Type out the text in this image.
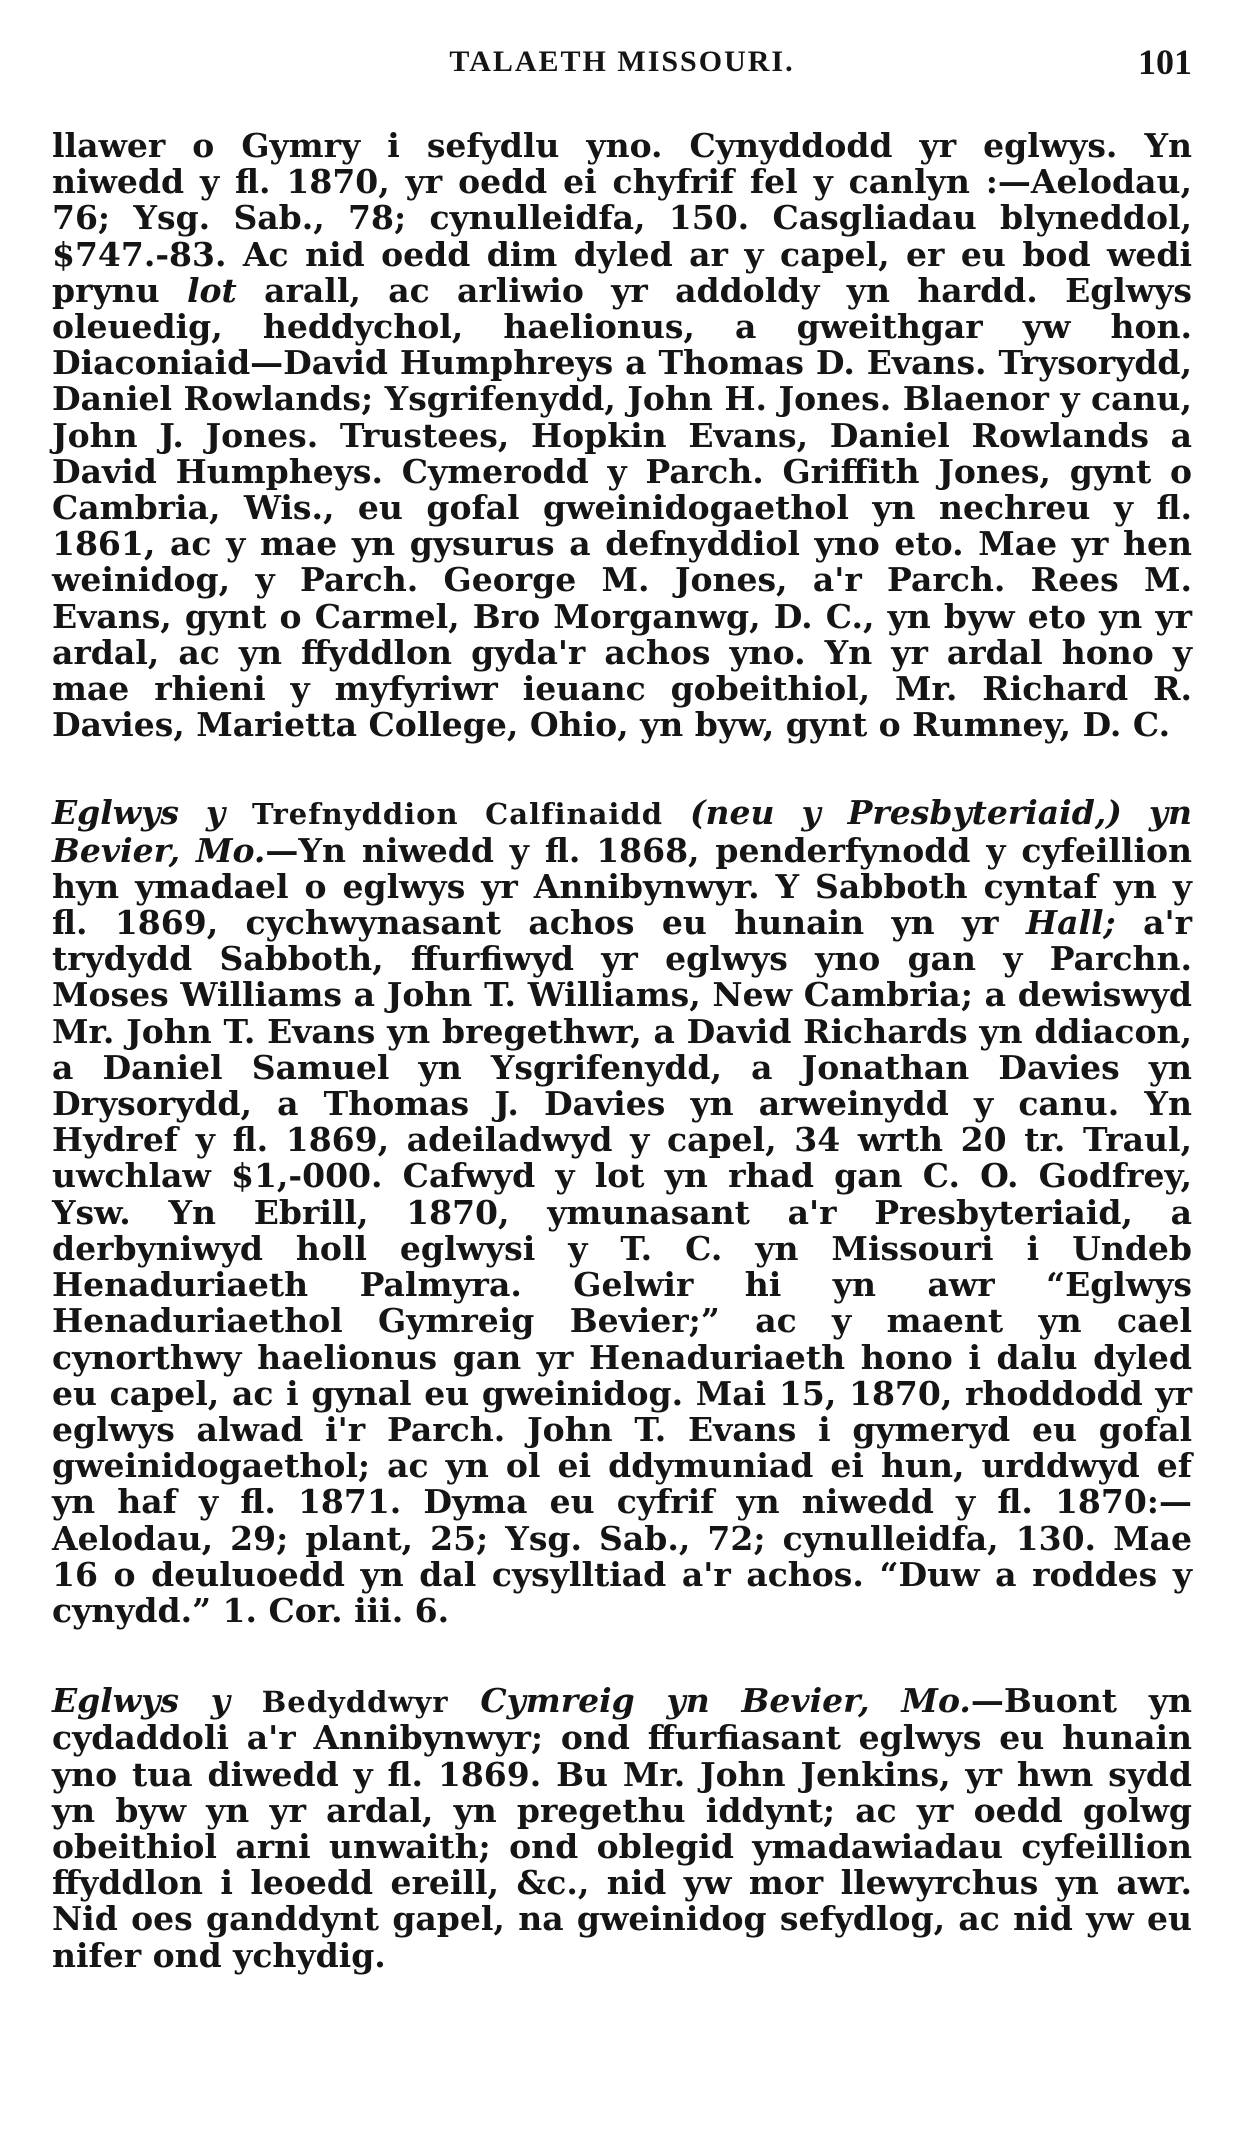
TALAETH MISSOURI.	101

llawer o Gymry i sefydlu yno. Cynyddodd yr eglwys. Yn niwedd y fl. 1870, yr oedd ei chyfrif fel y canlyn :—Aelodau, 76; Ysg. Sab., 78; cynulleidfa, 150. Casgliadau blyneddol, $747.-83. Ac nid oedd dim dyled ar y capel, er eu bod wedi prynu lot arall, ac arliwio yr addoldy yn hardd. Eglwys oleuedig, heddychol, haelionus, a gweithgar yw hon. Diaconiaid—David Humphreys a Thomas D. Evans. Trysorydd, Daniel Rowlands; Ysgrifenydd, John H. Jones. Blaenor y canu, John J. Jones. Trustees, Hopkin Evans, Daniel Rowlands a David Humpheys. Cymerodd y Parch. Griffith Jones, gynt o Cambria, Wis., eu gofal gweinidogaethol yn nechreu y fl. 1861, ac y mae yn gysurus a defnyddiol yno eto. Mae yr hen weinidog, y Parch. George M. Jones, a'r Parch. Rees M. Evans, gynt o Carmel, Bro Morganwg, D. C., yn byw eto yn yr ardal, ac yn ffyddlon gyda'r achos yno. Yn yr ardal hono y mae rhieni y myfyriwr ieuanc gobeithiol, Mr. Richard R. Davies, Marietta College, Ohio, yn byw, gynt o Rumney, D. C.

Eglwys y Trefnyddion Calfinaidd (neu y Presbyteriaid,) yn Bevier, Mo.—Yn niwedd y fl. 1868, penderfynodd y cyfeillion hyn ymadael o eglwys yr Annibynwyr. Y Sabboth cyntaf yn y fl. 1869, cychwynasant achos eu hunain yn yr Hall; a'r trydydd Sabboth, ffurfiwyd yr eglwys yno gan y Parchn. Moses Williams a John T. Williams, New Cambria; a dewiswyd Mr. John T. Evans yn bregethwr, a David Richards yn ddiacon, a Daniel Samuel yn Ysgrifenydd, a Jonathan Davies yn Drysorydd, a Thomas J. Davies yn arweinydd y canu. Yn Hydref y fl. 1869, adeiladwyd y capel, 34 wrth 20 tr. Traul, uwchlaw $1,-000. Cafwyd y lot yn rhad gan C. O. Godfrey, Ysw. Yn Ebrill, 1870, ymunasant a'r Presbyteriaid, a derbyniwyd holl eglwysi y T. C. yn Missouri i Undeb Henaduriaeth Palmyra. Gelwir hi yn awr “Eglwys Henaduriaethol Gymreig Bevier;” ac y maent yn cael cynorthwy haelionus gan yr Henaduriaeth hono i dalu dyled eu capel, ac i gynal eu gweinidog. Mai 15, 1870, rhoddodd yr eglwys alwad i'r Parch. John T. Evans i gymeryd eu gofal gweinidogaethol; ac yn ol ei ddymuniad ei hun, urddwyd ef yn haf y fl. 1871. Dyma eu cyfrif yn niwedd y fl. 1870:—Aelodau, 29; plant, 25; Ysg. Sab., 72; cynulleidfa, 130. Mae 16 o deuluoedd yn dal cysylltiad a'r achos. “Duw a roddes y cynydd.” 1. Cor. iii. 6.

Eglwys y Bedyddwyr Cymreig yn Bevier, Mo.—Buont yn cydaddoli a'r Annibynwyr; ond ffurfiasant eglwys eu hunain yno tua diwedd y fl. 1869. Bu Mr. John Jenkins, yr hwn sydd yn byw yn yr ardal, yn pregethu iddynt; ac yr oedd golwg obeithiol arni unwaith; ond oblegid ymadawiadau cyfeillion ffyddlon i leoedd ereill, &c., nid yw mor llewyrchus yn awr. Nid oes ganddynt gapel, na gweinidog sefydlog, ac nid yw eu nifer ond ychydig.
